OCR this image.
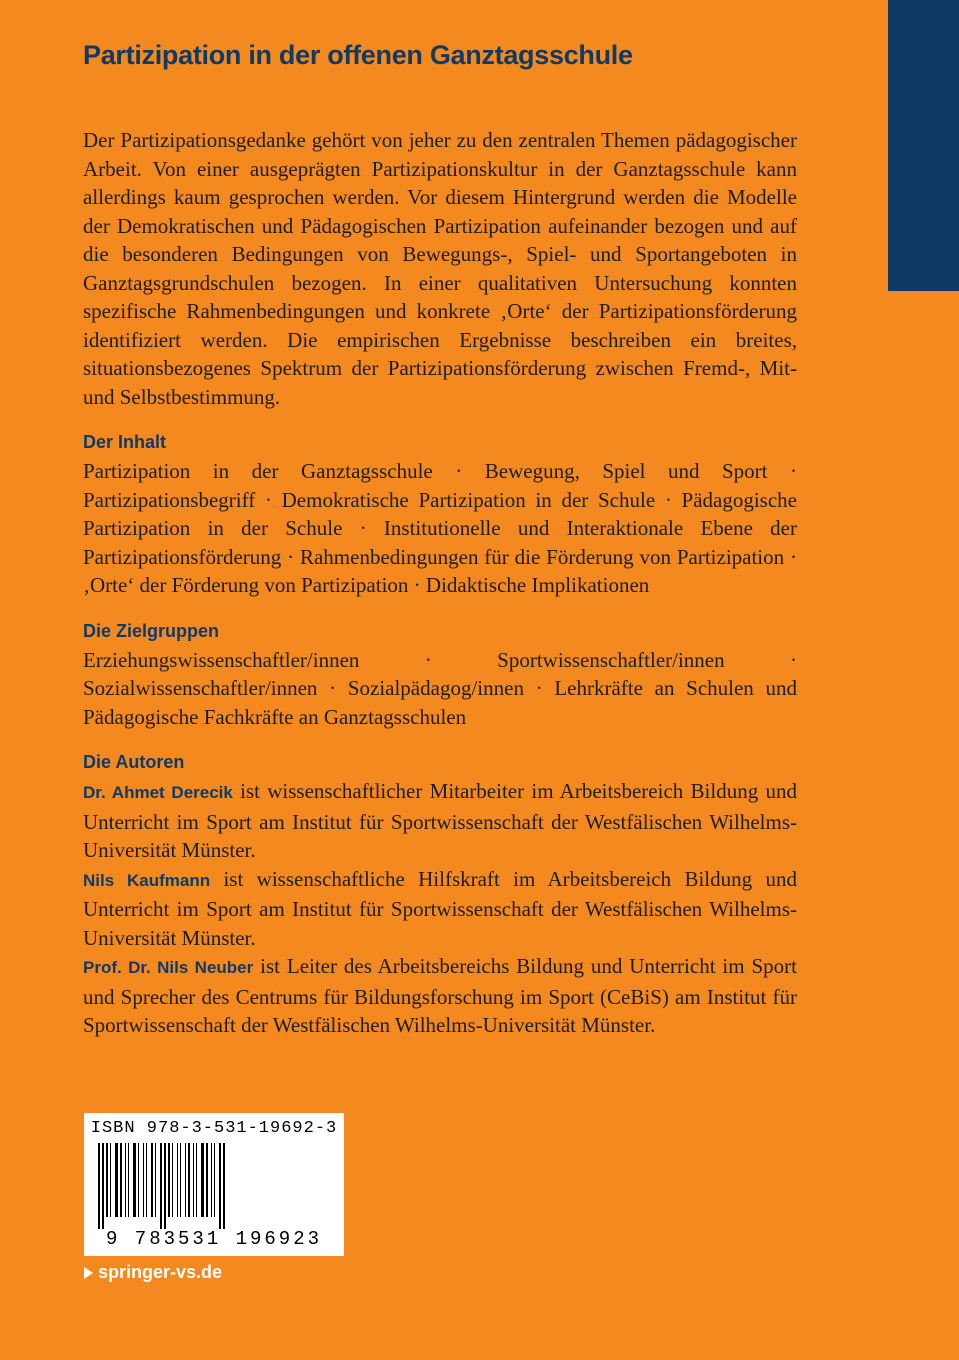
Partizipation in der offenen Ganztagsschule

Der Partizipationsgedanke gehört von jeher zu den zentralen Themen pädagogischer Arbeit. Von einer ausgeprägten Partizipationskultur in der Ganztagsschule kann allerdings kaum gesprochen werden. Vor diesem Hintergrund werden die Modelle der Demokratischen und Pädagogischen Partizipation aufeinander bezogen und auf die besonderen Bedingungen von Bewegungs-, Spiel- und Sportangeboten in Ganztagsgrundschulen bezogen. In einer qualitativen Untersuchung konnten spezifische Rahmenbedingungen und konkrete ‚Orte‘ der Partizipationsförderung identifiziert werden. Die empirischen Ergebnisse beschreiben ein breites, situationsbezogenes Spektrum der Partizipationsförderung zwischen Fremd-, Mit- und Selbstbestimmung.

Der Inhalt

Partizipation in der Ganztagsschule · Bewegung, Spiel und Sport · Partizipationsbegriff · Demokratische Partizipation in der Schule · Pädagogische Partizipation in der Schule · Institutionelle und Interaktionale Ebene der Partizipationsförderung · Rahmenbedingungen für die Förderung von Partizipation · ‚Orte‘ der Förderung von Partizipation · Didaktische Implikationen

Die Zielgruppen

Erziehungswissenschaftler/innen · Sportwissenschaftler/innen · Sozialwissenschaftler/innen · Sozialpädagog/innen · Lehrkräfte an Schulen und Pädagogische Fachkräfte an Ganztagsschulen

Die Autoren

Dr. Ahmet Derecik ist wissenschaftlicher Mitarbeiter im Arbeitsbereich Bildung und Unterricht im Sport am Institut für Sportwissenschaft der Westfälischen Wilhelms-Universität Münster.

Nils Kaufmann ist wissenschaftliche Hilfskraft im Arbeitsbereich Bildung und Unterricht im Sport am Institut für Sportwissenschaft der Westfälischen Wilhelms-Universität Münster.

Prof. Dr. Nils Neuber ist Leiter des Arbeitsbereichs Bildung und Unterricht im Sport und Sprecher des Centrums für Bildungsforschung im Sport (CeBiS) am Institut für Sportwissenschaft der Westfälischen Wilhelms-Universität Münster.

ISBN 978-3-531-19692-3
9 783531 196923
springer-vs.de
